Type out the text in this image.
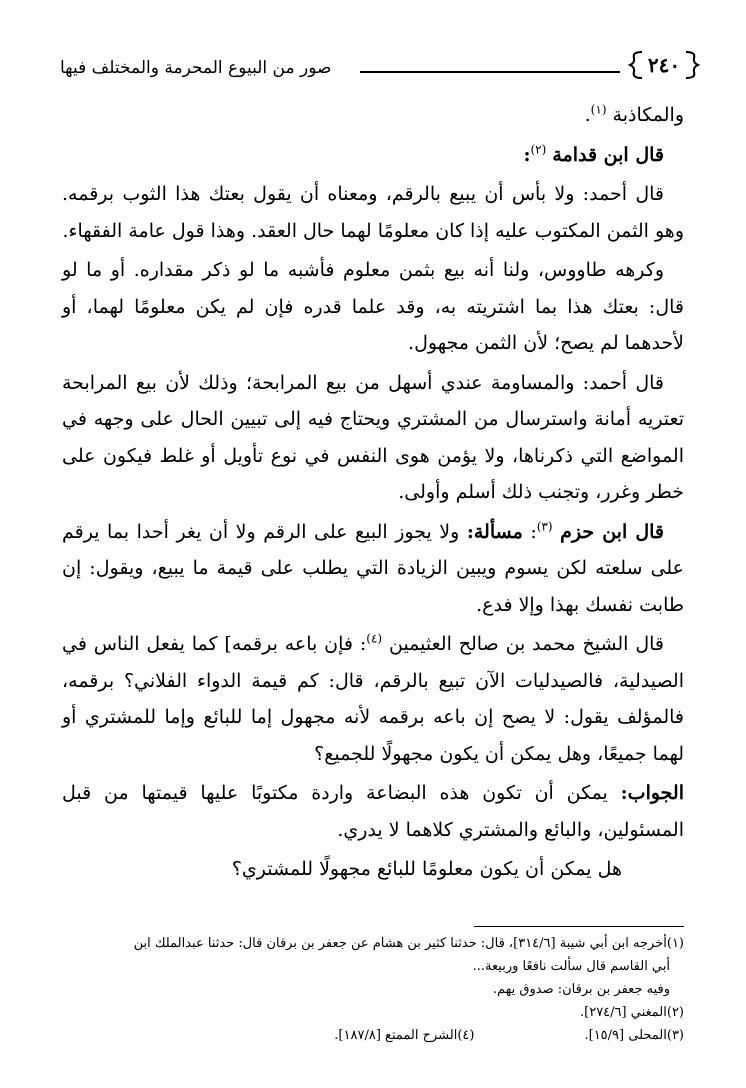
٢٤٠
صور من البيوع المحرمة والمختلف فيها

والمكاذبة $^{(١)}$.

قال ابن قدامة $^{(٢)}$:

قال أحمد: ولا بأس أن يبيع بالرقم، ومعناه أن يقول بعتك هذا الثوب برقمه. وهو الثمن المكتوب عليه إذا كان معلومًا لهما حال العقد. وهذا قول عامة الفقهاء.

وكرهه طاووس، ولنا أنه بيع بثمن معلوم فأشبه ما لو ذكر مقداره. أو ما لو قال: بعتك هذا بما اشتريته به، وقد علما قدره فإن لم يكن معلومًا لهما، أو لأحدهما لم يصح؛ لأن الثمن مجهول.

قال أحمد: والمساومة عندي أسهل من بيع المرابحة؛ وذلك لأن بيع المرابحة تعتريه أمانة واسترسال من المشتري ويحتاج فيه إلى تبيين الحال على وجهه في المواضع التي ذكرناها، ولا يؤمن هوى النفس في نوع تأويل أو غلط فيكون على خطر وغرر، وتجنب ذلك أسلم وأولى.

قال ابن حزم $^{(٣)}$: مسألة: ولا يجوز البيع على الرقم ولا أن يغر أحدا بما يرقم على سلعته لكن يسوم ويبين الزيادة التي يطلب على قيمة ما يبيع، ويقول: إن طابت نفسك بهذا وإلا فدع.

قال الشيخ محمد بن صالح العثيمين $^{(٤)}$: فإن باعه برقمه] كما يفعل الناس في الصيدلية، فالصيدليات الآن تبيع بالرقم، قال: كم قيمة الدواء الفلاني؟ برقمه، فالمؤلف يقول: لا يصح إن باعه برقمه لأنه مجهول إما للبائع وإما للمشتري أو لهما جميعًا، وهل يمكن أن يكون مجهولًا للجميع؟

الجواب: يمكن أن تكون هذه البضاعة واردة مكتوبًا عليها قيمتها من قبل المسئولين، والبائع والمشتري كلاهما لا يدري.

هل يمكن أن يكون معلومًا للبائع مجهولًا للمشتري؟

(١)أخرجه ابن أبي شيبة [٣١٤/٦]، قال: حدثنا كثير بن هشام عن جعفر بن برقان قال: حدثنا عبدالملك ابن

أبي القاسم قال سألت نافعًا وربيعة...

وفيه جعفر بن برقان: صدوق يهم.

(٢)المغني [٢٧٤/٦].

(٣)المحلى [١٥/٩].
(٤)الشرح الممتع [١٨٧/٨].
